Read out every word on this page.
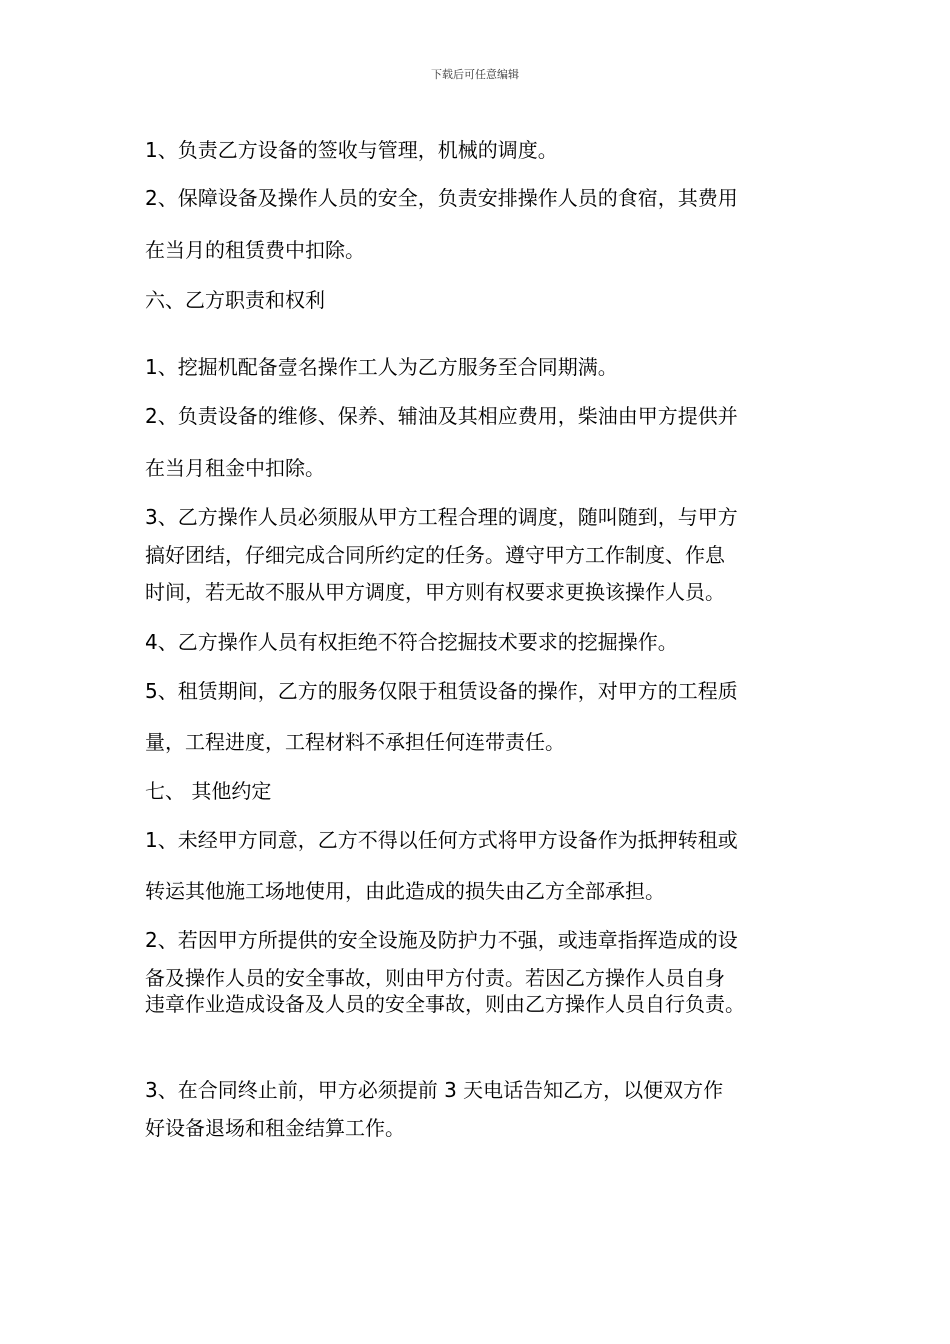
下载后可任意编辑
1、负责乙方设备的签收与管理，机械的调度。
2、保障设备及操作人员的安全，负责安排操作人员的食宿，其费用
在当月的租赁费中扣除。
六、乙方职责和权利
1、挖掘机配备壹名操作工人为乙方服务至合同期满。
2、负责设备的维修、保养、辅油及其相应费用，柴油由甲方提供并
在当月租金中扣除。
3、乙方操作人员必须服从甲方工程合理的调度，随叫随到，与甲方
搞好团结，仔细完成合同所约定的任务。遵守甲方工作制度、作息
时间，若无故不服从甲方调度，甲方则有权要求更换该操作人员。
4、乙方操作人员有权拒绝不符合挖掘技术要求的挖掘操作。
5、租赁期间，乙方的服务仅限于租赁设备的操作，对甲方的工程质
量，工程进度，工程材料不承担任何连带责任。
七、 其他约定
1、未经甲方同意，乙方不得以任何方式将甲方设备作为抵押转租或
转运其他施工场地使用，由此造成的损失由乙方全部承担。
2、若因甲方所提供的安全设施及防护力不强，或违章指挥造成的设
备及操作人员的安全事故，则由甲方付责。若因乙方操作人员自身
违章作业造成设备及人员的安全事故，则由乙方操作人员自行负责。
3、在合同终止前，甲方必须提前 3 天电话告知乙方，以便双方作
好设备退场和租金结算工作。
